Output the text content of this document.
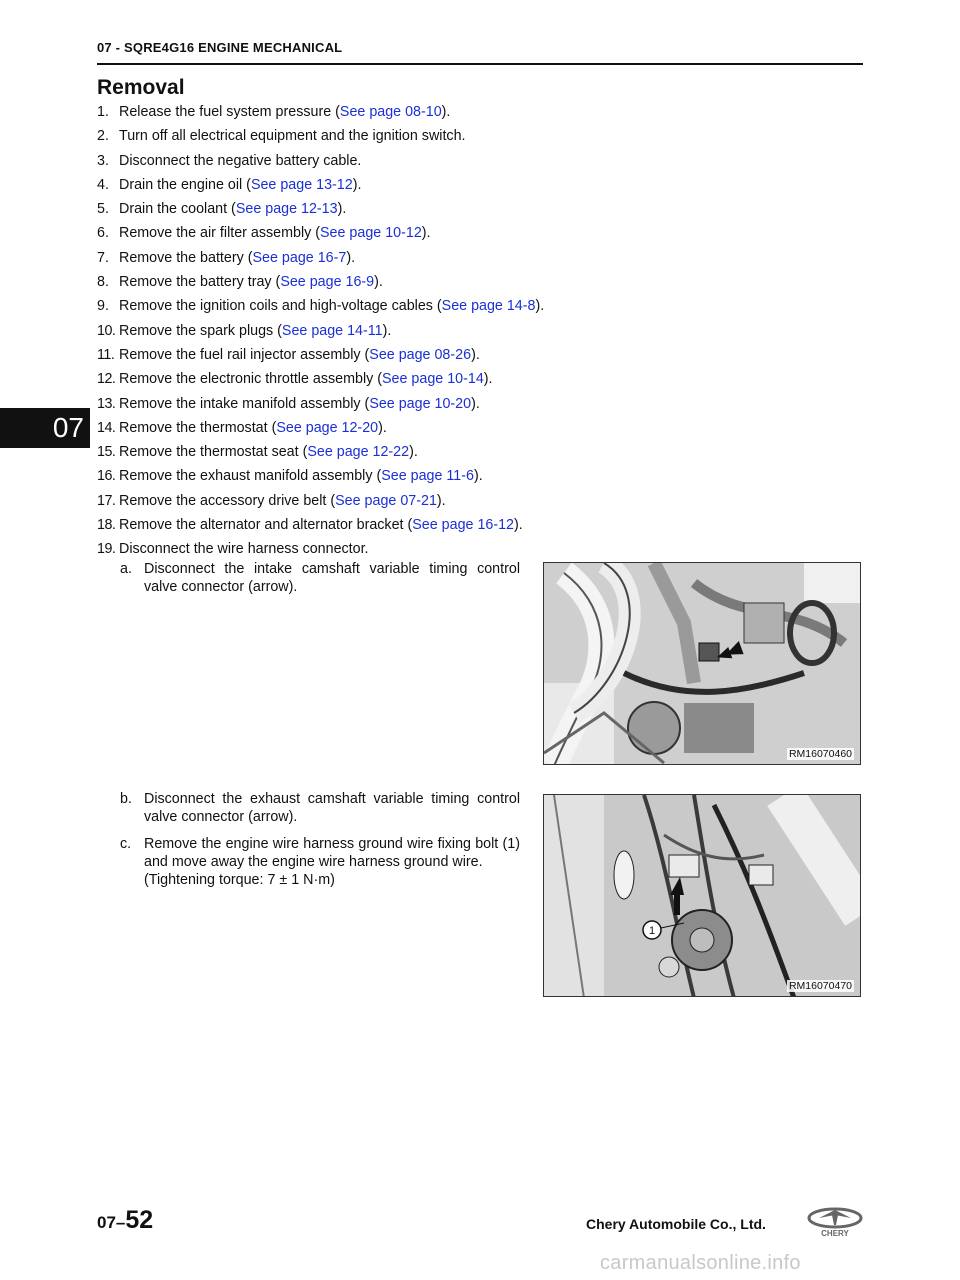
07 - SQRE4G16 ENGINE MECHANICAL
Removal
07
1. Release the fuel system pressure (See page 08-10).
2. Turn off all electrical equipment and the ignition switch.
3. Disconnect the negative battery cable.
4. Drain the engine oil (See page 13-12).
5. Drain the coolant (See page 12-13).
6. Remove the air filter assembly (See page 10-12).
7. Remove the battery (See page 16-7).
8. Remove the battery tray (See page 16-9).
9. Remove the ignition coils and high-voltage cables (See page 14-8).
10. Remove the spark plugs (See page 14-11).
11. Remove the fuel rail injector assembly (See page 08-26).
12. Remove the electronic throttle assembly (See page 10-14).
13. Remove the intake manifold assembly (See page 10-20).
14. Remove the thermostat (See page 12-20).
15. Remove the thermostat seat (See page 12-22).
16. Remove the exhaust manifold assembly (See page 11-6).
17. Remove the accessory drive belt (See page 07-21).
18. Remove the alternator and alternator bracket (See page 16-12).
19. Disconnect the wire harness connector.
a. Disconnect the intake camshaft variable timing control valve connector (arrow).
RM16070460
b. Disconnect the exhaust camshaft variable timing control valve connector (arrow).
c. Remove the engine wire harness ground wire fixing bolt (1) and move away the engine wire harness ground wire.
(Tightening torque: 7 ± 1 N·m)
1
RM16070470
07–52	Chery Automobile Co., Ltd.
CHERY
carmanualsonline.info
